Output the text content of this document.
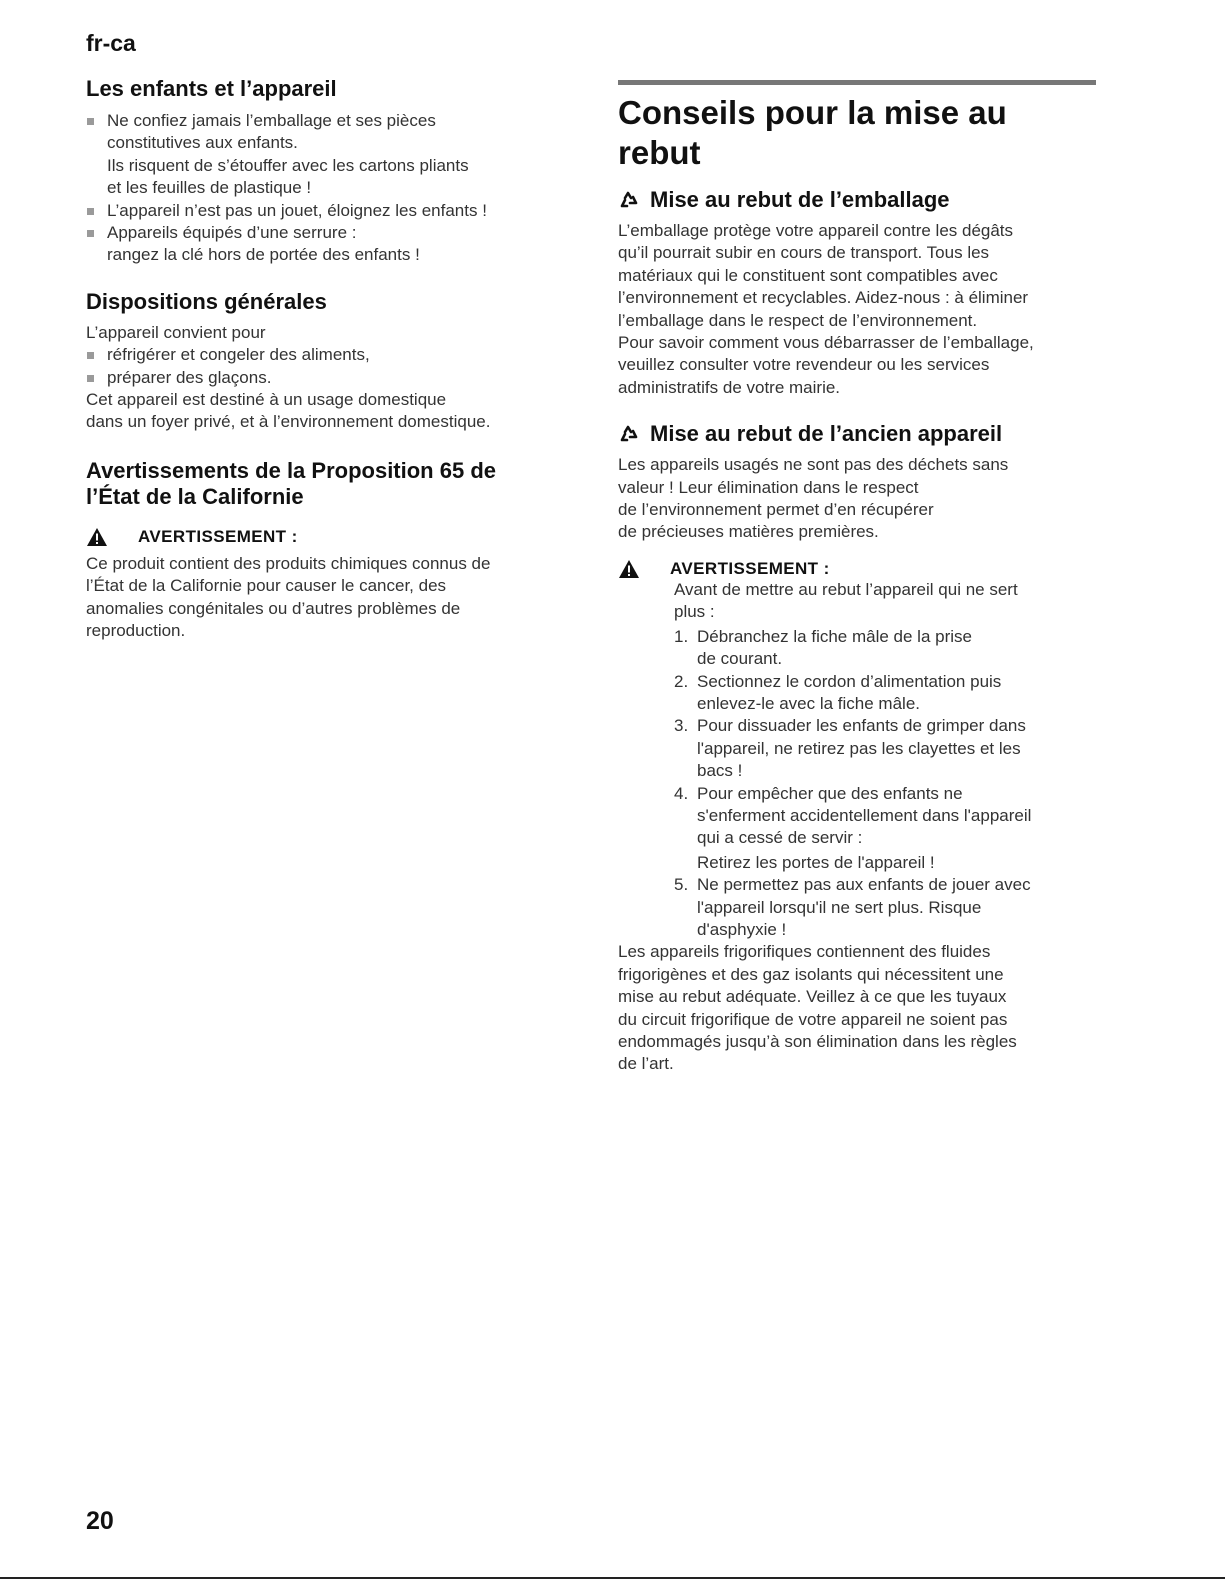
fr-ca
Les enfants et l’appareil
Ne confiez jamais l’emballage et ses pièces
constitutives aux enfants.
Ils risquent de s’étouffer avec les cartons pliants
et les feuilles de plastique !
L’appareil n’est pas un jouet, éloignez les enfants !
Appareils équipés d’une serrure :
rangez la clé hors de portée des enfants !
Dispositions générales

L’appareil convient pour

réfrigérer et congeler des aliments,
préparer des glaçons.

Cet appareil est destiné à un usage domestique
dans un foyer privé, et à l’environnement domestique.

Avertissements de la Proposition 65 de
l’État de la Californie
AVERTISSEMENT :

Ce produit contient des produits chimiques connus de
l’État de la Californie pour causer le cancer, des
anomalies congénitales ou d’autres problèmes de
reproduction.

Conseils pour la mise au rebut
Mise au rebut de l’emballage

L’emballage protège votre appareil contre les dégâts
qu’il pourrait subir en cours de transport. Tous les
matériaux qui le constituent sont compatibles avec
l’environnement et recyclables. Aidez-nous : à éliminer
l’emballage dans le respect de l’environnement.
Pour savoir comment vous débarrasser de l’emballage,
veuillez consulter votre revendeur ou les services
administratifs de votre mairie.

Mise au rebut de l’ancien appareil

Les appareils usagés ne sont pas des déchets sans
valeur ! Leur élimination dans le respect
de l’environnement permet d’en récupérer
de précieuses matières premières.

AVERTISSEMENT :

Avant de mettre au rebut l’appareil qui ne sert
plus :

1. Débranchez la fiche mâle de la prise
de courant.
2. Sectionnez le cordon d’alimentation puis
enlevez-le avec la fiche mâle.
3. Pour dissuader les enfants de grimper dans
l'appareil, ne retirez pas les clayettes et les
bacs !
4. Pour empêcher que des enfants ne
s'enferment accidentellement dans l'appareil
qui a cessé de servir :
Retirez les portes de l'appareil !
5. Ne permettez pas aux enfants de jouer avec
l'appareil lorsqu'il ne sert plus. Risque
d'asphyxie !

Les appareils frigorifiques contiennent des fluides
frigorigènes et des gaz isolants qui nécessitent une
mise au rebut adéquate. Veillez à ce que les tuyaux
du circuit frigorifique de votre appareil ne soient pas
endommagés jusqu’à son élimination dans les règles
de l’art.

20
